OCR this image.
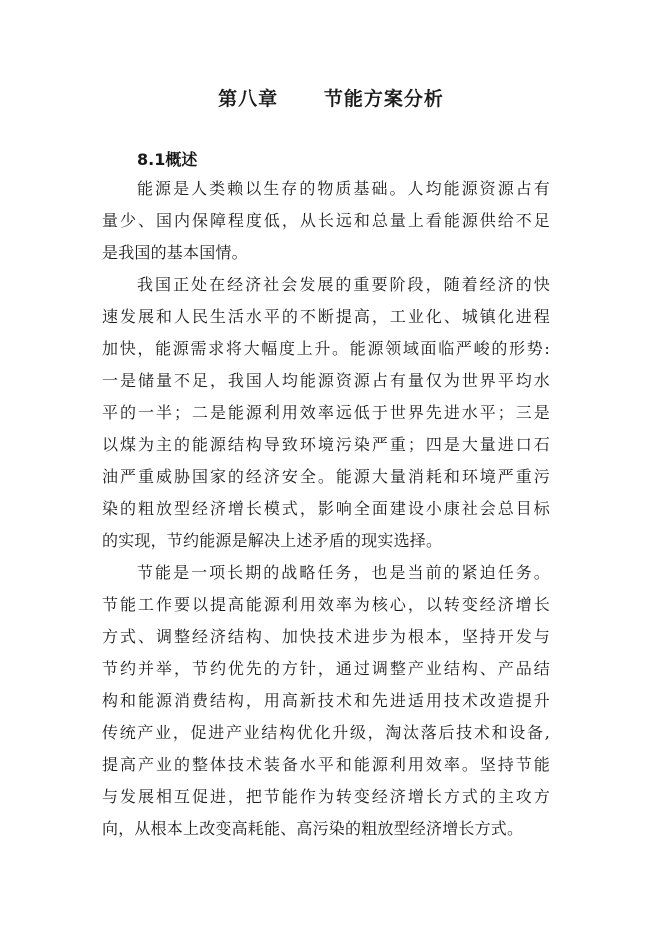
第八章      节能方案分析
8.1概述
能源是人类赖以生存的物质基础。人均能源资源占有
量少、国内保障程度低，从长远和总量上看能源供给不足
是我国的基本国情。
我国正处在经济社会发展的重要阶段，随着经济的快
速发展和人民生活水平的不断提高，工业化、城镇化进程
加快，能源需求将大幅度上升。能源领域面临严峻的形势:
一是储量不足，我国人均能源资源占有量仅为世界平均水
平的一半；二是能源利用效率远低于世界先进水平；三是
以煤为主的能源结构导致环境污染严重；四是大量进口石
油严重威胁国家的经济安全。能源大量消耗和环境严重污
染的粗放型经济增长模式，影响全面建设小康社会总目标
的实现，节约能源是解决上述矛盾的现实选择。
节能是一项长期的战略任务，也是当前的紧迫任务。
节能工作要以提高能源利用效率为核心，以转变经济增长
方式、调整经济结构、加快技术进步为根本，坚持开发与
节约并举，节约优先的方针，通过调整产业结构、产品结
构和能源消费结构，用高新技术和先进适用技术改造提升
传统产业，促进产业结构优化升级，淘汰落后技术和设备,
提高产业的整体技术装备水平和能源利用效率。坚持节能
与发展相互促进，把节能作为转变经济增长方式的主攻方
向，从根本上改变高耗能、高污染的粗放型经济增长方式。
